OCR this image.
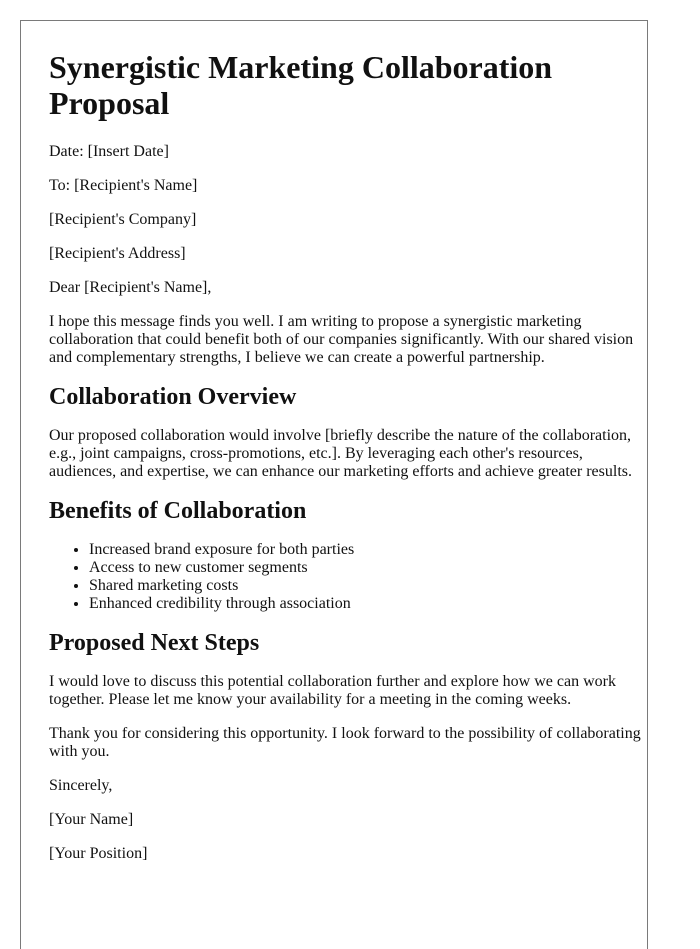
Synergistic Marketing Collaboration Proposal

Date: [Insert Date]

To: [Recipient's Name]

[Recipient's Company]

[Recipient's Address]

Dear [Recipient's Name],

I hope this message finds you well. I am writing to propose a synergistic marketing collaboration that could benefit both of our companies significantly. With our shared vision and complementary strengths, I believe we can create a powerful partnership.

Collaboration Overview

Our proposed collaboration would involve [briefly describe the nature of the collaboration, e.g., joint campaigns, cross-promotions, etc.]. By leveraging each other's resources, audiences, and expertise, we can enhance our marketing efforts and achieve greater results.

Benefits of Collaboration
• Increased brand exposure for both parties
• Access to new customer segments
• Shared marketing costs
• Enhanced credibility through association
Proposed Next Steps

I would love to discuss this potential collaboration further and explore how we can work together. Please let me know your availability for a meeting in the coming weeks.

Thank you for considering this opportunity. I look forward to the possibility of collaborating with you.

Sincerely,

[Your Name]

[Your Position]
